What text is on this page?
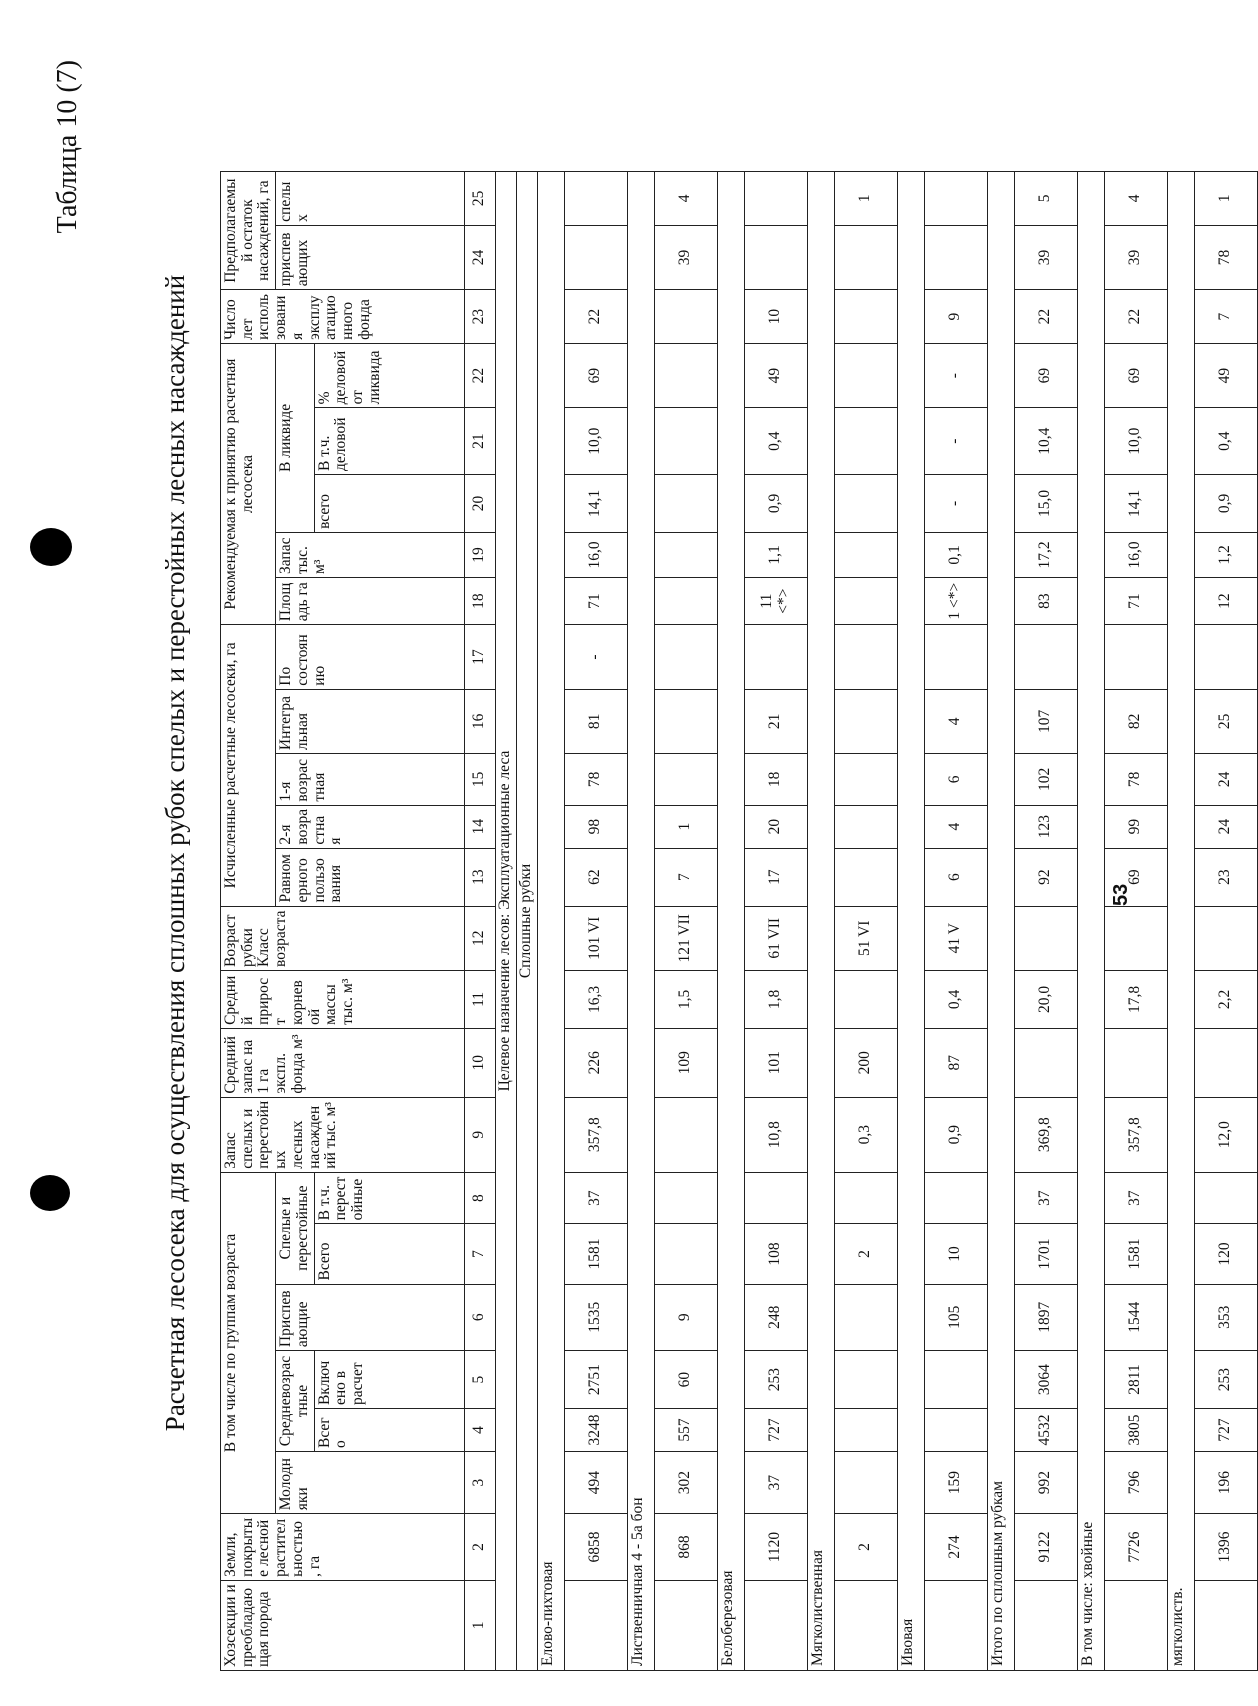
Таблица 10 (7)
Расчетная лесосека для осуществления сплошных рубок спелых и перестойных лесных насаждений
Хозсекции и преобладающая порода	Земли, покрытые лесной растительностью, га	В том числе по группам возраста						Запас спелых и перестойных лесных насаждений тыс. м³	Средний запас на 1 га экспл. фонда м³	Средний прирост корневой массы тыс. м³	Возраст рубки Класс возраста	Исчисленные расчетные лесосеки, га					Рекомендуемая к принятию расчетная лесосека					Число лет использования эксплуатационного фонда	Предполагаемый остаток насаждений, га	
		Молодняки	Средневозрастные		Приспевающие	Спелые и перестойные						Равномерного пользования	2-я возрастная	1-я возрастная	Интегральная	По состоянию	Площадь га	Запас тыс. м³	В ликвиде				приспевающих	спелых
			Всего	Включено в расчет		Всего	В т.ч. перестойные												всего	В т.ч. деловой	% деловой от ликвида			
1	2	3	4	5	6	7	8	9	10	11	12	13	14	15	16	17	18	19	20	21	22	23	24	25
Целевое назначение лесов: Эксплуатационные леса																								
Сплошные рубки																								
Елово-пихтовая																								
	6858	494	3248	2751	1535	1581	37	357,8	226	16,3	101 VI	62	98	78	81	-	71	16,0	14,1	10,0	69	22		
Лиственничная 4 - 5а бон																								
	868	302	557	60	9				109	1,5	121 VII	7	1										39	4
Белоберезовая																								
	1120	37	727	253	248	108		10,8	101	1,8	61 VII	17	20	18	21		11 <*>	1,1	0,9	0,4	49	10		
Мягколиственная																								
	2					2		0,3	200		51 VI													1
Ивовая																								
	274	159			105	10		0,9	87	0,4	41 V	6	4	6	4		1 <*>	0,1	-	-	-	9		
Итого по сплошным рубкам																								
	9122	992	4532	3064	1897	1701	37	369,8		20,0		92	123	102	107		83	17,2	15,0	10,4	69	22	39	5
В том числе: хвойные																								
	7726	796	3805	2811	1544	1581	37	357,8		17,8		69	99	78	82		71	16,0	14,1	10,0	69	22	39	4
мягколиств.																								
	1396	196	727	253	353	120		12,0		2,2		23	24	24	25		12	1,2	0,9	0,4	49	7	78	1
53
